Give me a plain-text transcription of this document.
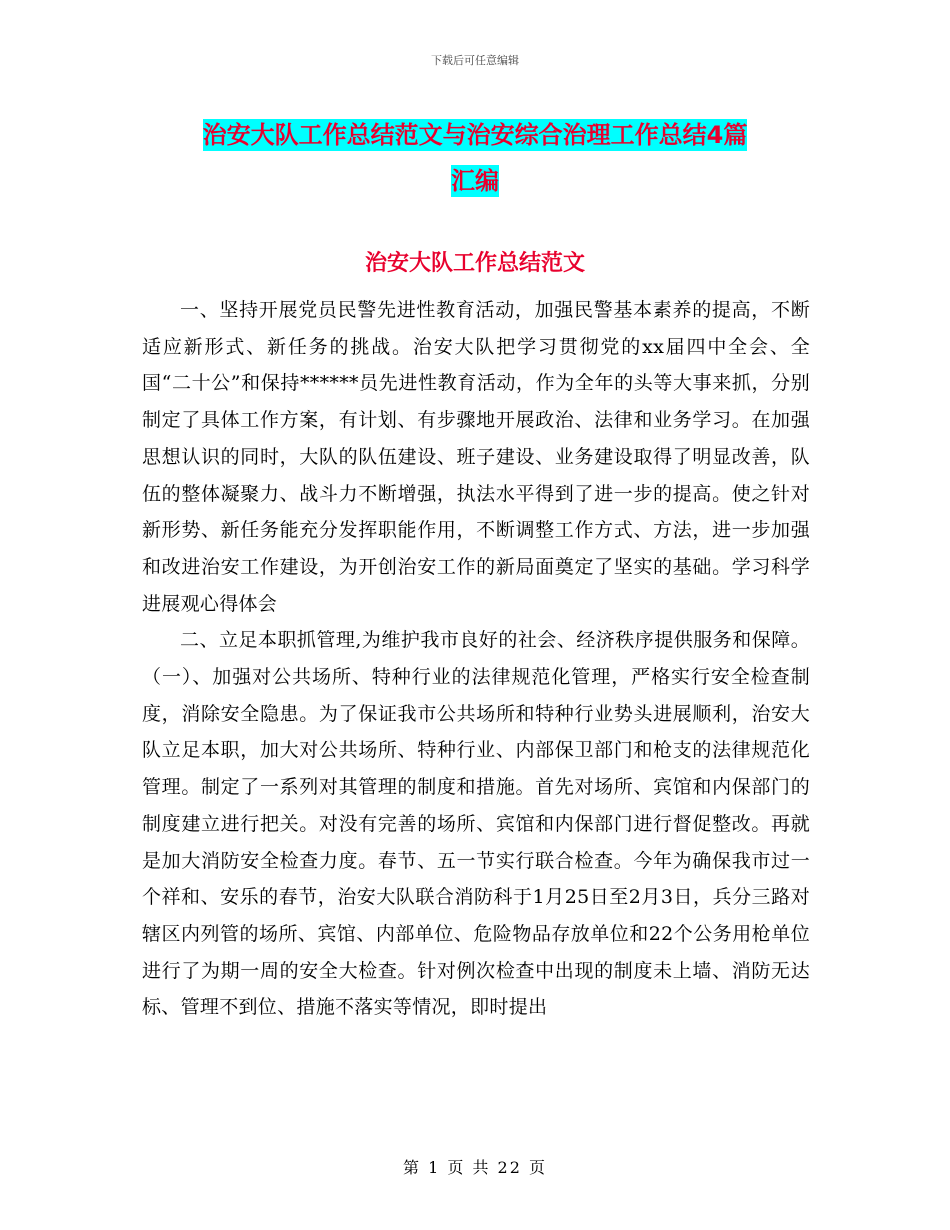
下载后可任意编辑
治安大队工作总结范文与治安综合治理工作总结4篇
汇编
治安大队工作总结范文

一、坚持开展党员民警先进性教育活动，加强民警基本素养的提高，不断适应新形式、新任务的挑战。治安大队把学习贯彻党的xx届四中全会、全国“二十公”和保持******员先进性教育活动，作为全年的头等大事来抓，分别制定了具体工作方案，有计划、有步骤地开展政治、法律和业务学习。在加强思想认识的同时，大队的队伍建设、班子建设、业务建设取得了明显改善，队伍的整体凝聚力、战斗力不断增强，执法水平得到了进一步的提高。使之针对新形势、新任务能充分发挥职能作用，不断调整工作方式、方法，进一步加强和改进治安工作建设，为开创治安工作的新局面奠定了坚实的基础。学习科学进展观心得体会

二、立足本职抓管理,为维护我市良好的社会、经济秩序提供服务和保障。（一）、加强对公共场所、特种行业的法律规范化管理，严格实行安全检查制度，消除安全隐患。为了保证我市公共场所和特种行业势头进展顺利，治安大队立足本职，加大对公共场所、特种行业、内部保卫部门和枪支的法律规范化管理。制定了一系列对其管理的制度和措施。首先对场所、宾馆和内保部门的制度建立进行把关。对没有完善的场所、宾馆和内保部门进行督促整改。再就是加大消防安全检查力度。春节、五一节实行联合检查。今年为确保我市过一个祥和、安乐的春节，治安大队联合消防科于1月25日至2月3日，兵分三路对辖区内列管的场所、宾馆、内部单位、危险物品存放单位和22个公务用枪单位进行了为期一周的安全大检查。针对例次检查中出现的制度未上墙、消防无达标、管理不到位、措施不落实等情况，即时提出

第 1 页 共 22 页
